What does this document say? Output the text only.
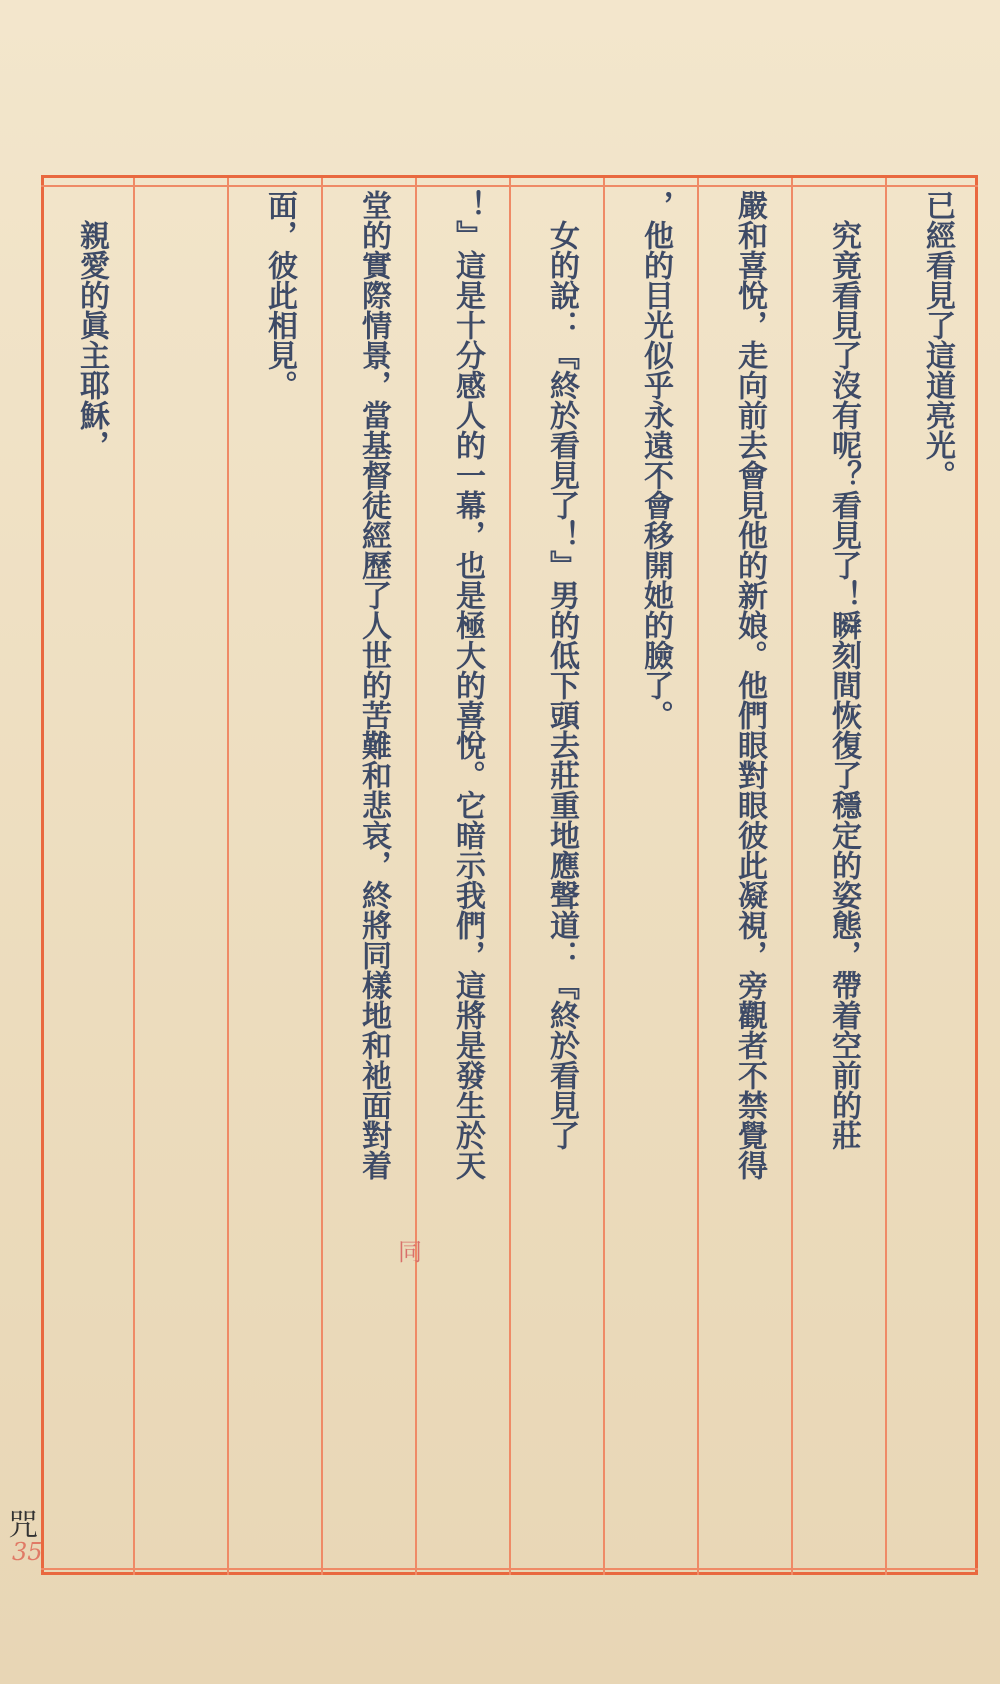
已經看見了這道亮光。
　究竟看見了沒有呢？看見了！瞬刻間恢復了穩定的姿態，帶着空前的莊
嚴和喜悅，走向前去會見他的新娘。他們眼對眼彼此凝視，旁觀者不禁覺得
，他的目光似乎永遠不會移開她的臉了。
　女的說：『終於看見了！』男的低下頭去莊重地應聲道：『終於看見了
！』這是十分感人的一幕，也是極大的喜悅。它暗示我們，這將是發生於天
堂的實際情景，當基督徒經歷了人世的苦難和悲哀，終將同樣地和祂面對着
面，彼此相見。
　親愛的眞主耶穌，
同
咒
35
